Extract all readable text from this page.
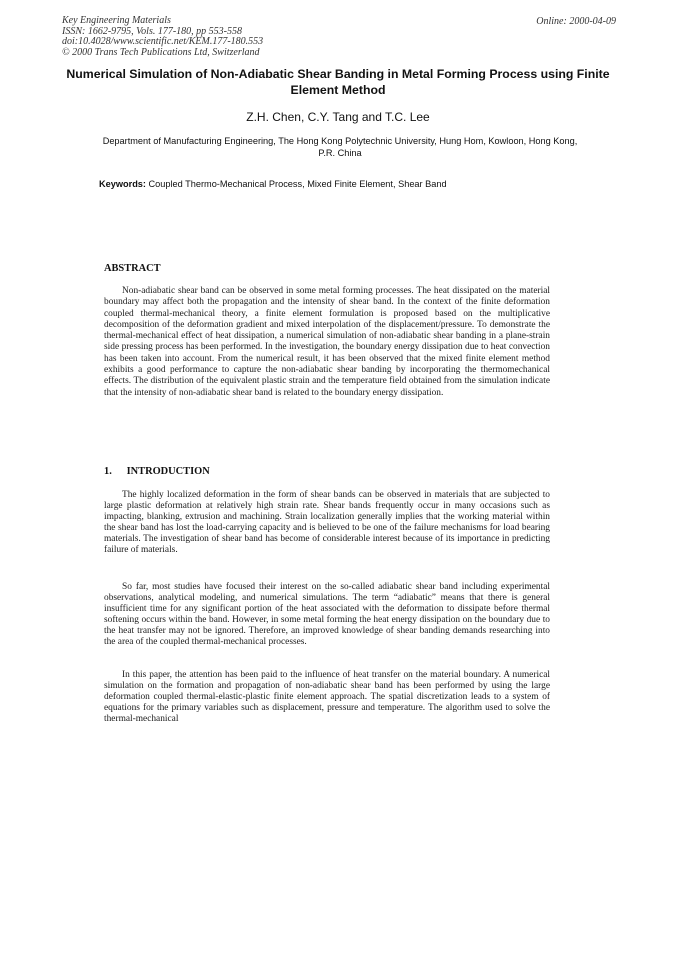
Key Engineering Materials
ISSN: 1662-9795, Vols. 177-180, pp 553-558
doi:10.4028/www.scientific.net/KEM.177-180.553
© 2000 Trans Tech Publications Ltd, Switzerland
Online: 2000-04-09
Numerical Simulation of Non-Adiabatic Shear Banding in Metal Forming Process using Finite Element Method
Z.H. Chen, C.Y. Tang and T.C. Lee
Department of Manufacturing Engineering, The Hong Kong Polytechnic University, Hung Hom, Kowloon, Hong Kong, P.R. China
Keywords: Coupled Thermo-Mechanical Process, Mixed Finite Element, Shear Band
ABSTRACT
Non-adiabatic shear band can be observed in some metal forming processes. The heat dissipated on the material boundary may affect both the propagation and the intensity of shear band. In the context of the finite deformation coupled thermal-mechanical theory, a finite element formulation is proposed based on the multiplicative decomposition of the deformation gradient and mixed interpolation of the displacement/pressure. To demonstrate the thermal-mechanical effect of heat dissipation, a numerical simulation of non-adiabatic shear banding in a plane-strain side pressing process has been performed. In the investigation, the boundary energy dissipation due to heat convection has been taken into account. From the numerical result, it has been observed that the mixed finite element method exhibits a good performance to capture the non-adiabatic shear banding by incorporating the thermomechanical effects. The distribution of the equivalent plastic strain and the temperature field obtained from the simulation indicate that the intensity of non-adiabatic shear band is related to the boundary energy dissipation.
1. INTRODUCTION
The highly localized deformation in the form of shear bands can be observed in materials that are subjected to large plastic deformation at relatively high strain rate. Shear bands frequently occur in many occasions such as impacting, blanking, extrusion and machining. Strain localization generally implies that the working material within the shear band has lost the load-carrying capacity and is believed to be one of the failure mechanisms for load bearing materials. The investigation of shear band has become of considerable interest because of its importance in predicting failure of materials.
So far, most studies have focused their interest on the so-called adiabatic shear band including experimental observations, analytical modeling, and numerical simulations. The term “adiabatic” means that there is general insufficient time for any significant portion of the heat associated with the deformation to dissipate before thermal softening occurs within the band. However, in some metal forming the heat energy dissipation on the boundary due to the heat transfer may not be ignored. Therefore, an improved knowledge of shear banding demands researching into the area of the coupled thermal-mechanical processes.
In this paper, the attention has been paid to the influence of heat transfer on the material boundary. A numerical simulation on the formation and propagation of non-adiabatic shear band has been performed by using the large deformation coupled thermal-elastic-plastic finite element approach. The spatial discretization leads to a system of equations for the primary variables such as displacement, pressure and temperature. The algorithm used to solve the thermal-mechanical
